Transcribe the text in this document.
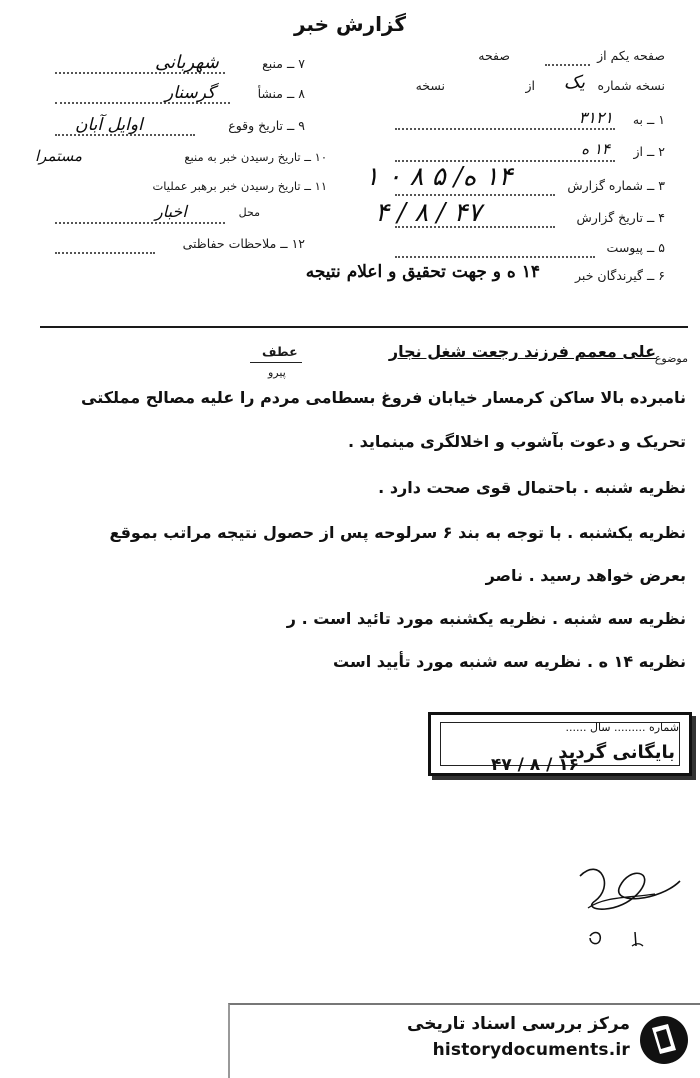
گزارش خبر
۷ ــ منبع
شهربانی
۸ ــ منشأ
گرسنار
۹ ــ تاریخ وقوع
اوایل آبان
۱۰ ــ تاریخ رسیدن خبر به منبع
مستمرا
۱۱ ــ تاریخ رسیدن خبر برهبر عملیات
محل
اخبار
۱۲ ــ ملاحظات حفاظتی
صفحه یکم از
صفحه
نسخه شماره
از
نسخه	یک
۱ ــ به
۳۱۲۱
۲ ــ از
۱۴ ه
۳ ــ شماره گزارش
۱۴ ه/ ۵ ۸ ۰ ۱
۴ ــ تاریخ گزارش
۴ / ۸ / ۴۷
۵ ــ پیوست
۶ ــ گیرندگان خبر
۱۴ ه و جهت تحقیق و اعلام نتیجه
موضوع
علی معمم فرزند رجعت شغل نجار
عطف
پیرو
نامبرده بالا ساکن کرمسار خیابان فروغ بسطامی مردم را علیه مصالح مملکتی
تحریک و دعوت بآشوب و اخلالگری مینماید .
نظریه شنبه . باحتمال قوی صحت دارد .
نظریه یکشنبه . با توجه به بند ۶ سرلوحه پس از حصول نتیجه مراتب بموقع
بعرض خواهد رسید . ناصر
نظریه سه شنبه . نظریه یکشنبه مورد تائید است . ر
نظریه ۱۴ ه . نظریه سه شنبه مورد تأیید است
شماره ......... سال ......
بایگانی گردید
۴۷ / ۸ / ۱۶
مرکز بررسی اسناد تاریخی
historydocuments.ir
